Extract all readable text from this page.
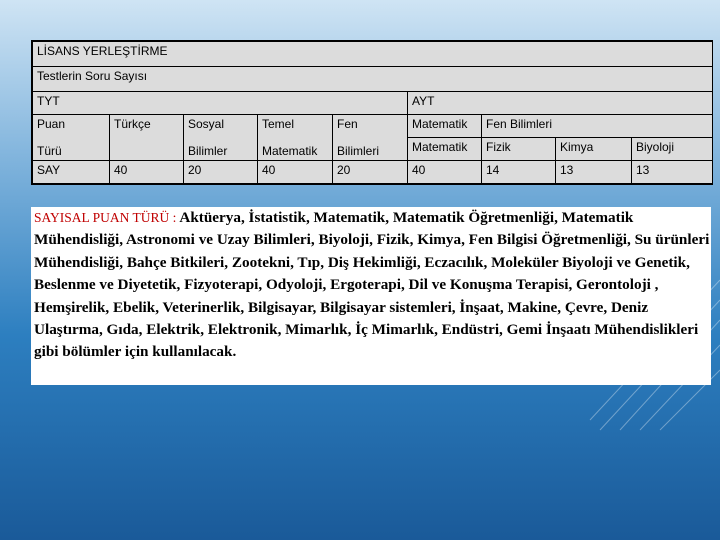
LİSANS YERLEŞTİRME								
Testlerin Soru Sayısı								
TYT					AYT			
Puan	Türkçe	Sosyal	Temel	Fen	Matematik	Fen Bilimleri		
Türü		Bilimler	Matematik	Bilimleri	Matematik	Fizik	Kimya	Biyoloji
SAY	40	20	40	20	40	14	13	13

SAYISAL PUAN TÜRÜ : Aktüerya, İstatistik, Matematik, Matematik Öğretmenliği, Matematik Mühendisliği, Astronomi ve Uzay Bilimleri, Biyoloji, Fizik, Kimya, Fen Bilgisi Öğretmenliği, Su ürünleri Mühendisliği, Bahçe Bitkileri, Zootekni, Tıp, Diş Hekimliği, Eczacılık, Moleküler Biyoloji ve Genetik, Beslenme ve Diyetetik, Fizyoterapi, Odyoloji, Ergoterapi, Dil ve Konuşma Terapisi, Gerontoloji , Hemşirelik, Ebelik, Veterinerlik, Bilgisayar, Bilgisayar sistemleri, İnşaat, Makine, Çevre, Deniz Ulaştırma, Gıda, Elektrik, Elektronik, Mimarlık, İç Mimarlık, Endüstri, Gemi İnşaatı Mühendislikleri gibi bölümler için kullanılacak.
